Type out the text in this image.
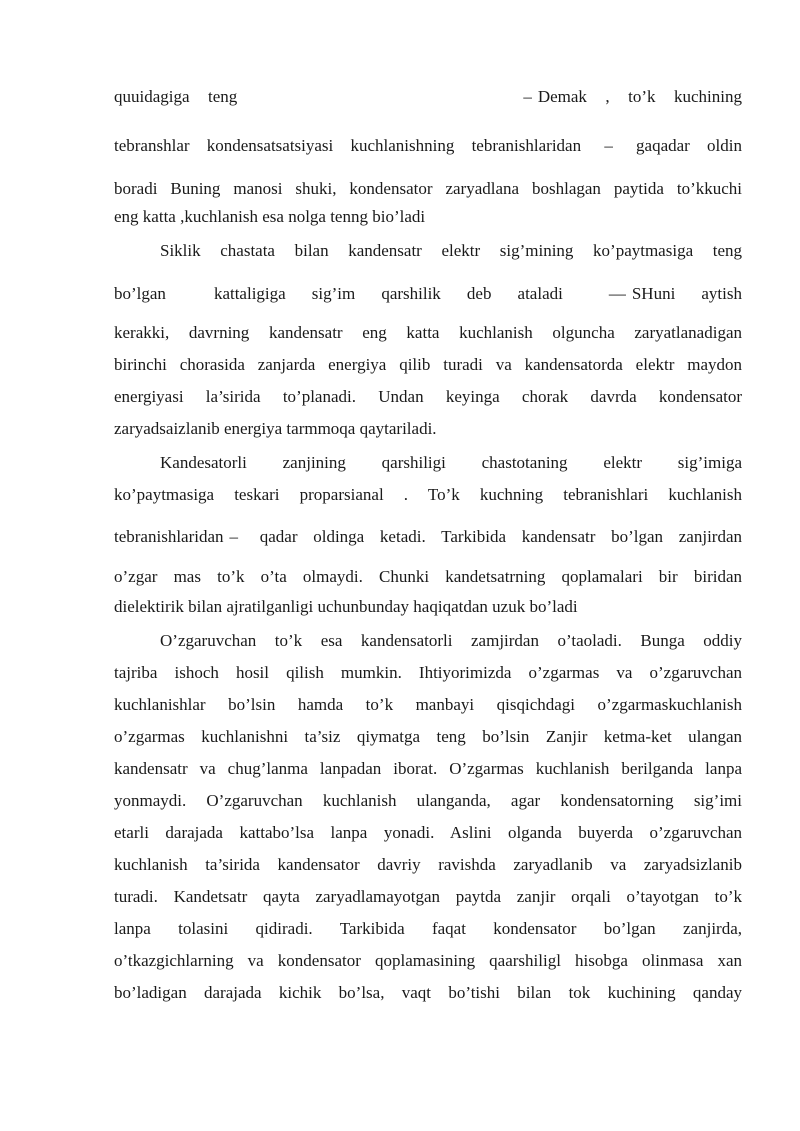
quuidagiga teng	– Demak , to’k kuchining
tebranshlar kondensatsatsiyasi kuchlanishning tebranishlaridan – gaqadar oldin
boradi Buning manosi shuki, kondensator zaryadlana boshlagan paytida to’kkuchi
eng katta ,kuchlanish esa nolga tenng bio’ladi
Siklik chastata bilan kandensatr elektr sig’mining ko’paytmasiga teng
bo’lgan	kattaligiga sig’im qarshilik deb ataladi	— SHuni aytish
kerakki, davrning kandensatr eng katta kuchlanish olguncha zaryatlanadigan
birinchi chorasida zanjarda energiya qilib turadi va kandensatorda elektr maydon
energiyasi la’sirida to’planadi. Undan keyinga chorak davrda kondensator
zaryadsaizlanib energiya tarmmoqa qaytariladi.
Kandesatorli zanjining qarshiligi chastotaning elektr sig’imiga
ko’paytmasiga teskari proparsianal . To’k kuchning tebranishlari kuchlanish
tebranishlaridan – qadar oldinga ketadi. Tarkibida kandensatr bo’lgan zanjirdan
o’zgar mas to’k o’ta olmaydi. Chunki kandetsatrning qoplamalari bir biridan
dielektirik bilan ajratilganligi uchunbunday haqiqatdan uzuk bo’ladi
O’zgaruvchan to’k esa kandensatorli zamjirdan o’taoladi. Bunga oddiy
tajriba ishoch hosil qilish mumkin. Ihtiyorimizda o’zgarmas va o’zgaruvchan
kuchlanishlar bo’lsin hamda to’k manbayi qisqichdagi o’zgarmaskuchlanish
o’zgarmas kuchlanishni ta’siz qiymatga teng bo’lsin Zanjir ketma-ket ulangan
kandensatr va chug’lanma lanpadan iborat. O’zgarmas kuchlanish berilganda lanpa
yonmaydi. O’zgaruvchan kuchlanish ulanganda, agar kondensatorning sig’imi
etarli darajada kattabo’lsa lanpa yonadi. Aslini olganda buyerda o’zgaruvchan
kuchlanish ta’sirida kandensator davriy ravishda zaryadlanib va zaryadsizlanib
turadi. Kandetsatr qayta zaryadlamayotgan paytda zanjir orqali o’tayotgan to’k
lanpa tolasini qidiradi. Tarkibida faqat kondensator bo’lgan zanjirda,
o’tkazgichlarning va kondensator qoplamasining qaarshiligl hisobga olinmasa xan
bo’ladigan darajada kichik bo’lsa, vaqt bo’tishi bilan tok kuchining qanday
